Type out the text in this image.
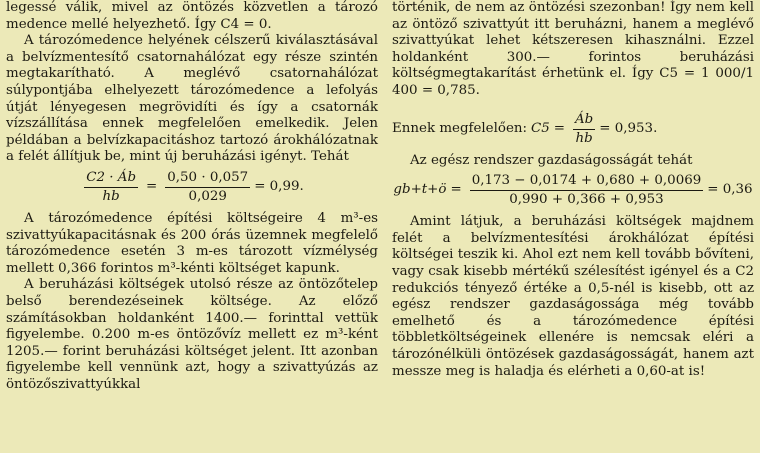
legessé válik, mivel az öntözés közvetlen a tározó medence mellé helyezhető. Így C4 = 0.

A tározómedence helyének célszerű kiválasztásával a belvízmentesítő csatornahálózat egy része szintén megtakarítható. A meglévő csatornahálózat súlypontjába elhelyezett tározómedence a lefolyás útját lényegesen megrövidíti és így a csatornák vízszállítása ennek megfelelően emelkedik. Jelen példában a belvízkapacitáshoz tartozó árokhálózatnak a felét állítjuk be, mint új beruházási igényt. Tehát

$\frac{C2 \cdot Áb}{hb} = \frac{0,50 \cdot 0,057}{0,029} = 0,99$.

A tározómedence építési költségeire 4 m³-es szivattyúkapacitásnak és 200 órás üzemnek megfelelő tározómedence esetén 3 m-es tározott vízmélység mellett 0,366 forintos m³-kénti költséget kapunk.

A beruházási költségek utolsó része az öntözőtelep belső berendezéseinek költsége. Az előző számításokban holdanként 1400.— forinttal vettük figyelembe. 0.200 m-es öntözővíz mellett ez m³-ként 1205.— forint beruházási költséget jelent. Itt azonban figyelembe kell vennünk azt, hogy a szivattyúzás az öntözőszivattyúkkal

történik, de nem az öntözési szezonban! Így nem kell az öntöző szivattyút itt beruházni, hanem a meglévő szivattyúkat lehet kétszeresen kihasználni. Ezzel holdanként 300.— forintos beruházási költségmegtakarítást érhetünk el. Így C5 = 1 000/1 400 = 0,785.

Ennek megfelelően: $C5 = \frac{Áb}{hb} = 0,953$.

Az egész rendszer gazdaságosságát tehát

gb+t+ö = $\frac{0,173 - 0,0174 + 0,680 + 0,0069}{0,990 + 0,366 + 0,953} = 0,36$

Amint látjuk, a beruházási költségek majdnem felét a belvízmentesítési árokhálózat építési költségei teszik ki. Ahol ezt nem kell tovább bővíteni, vagy csak kisebb mértékű szélesítést igényel és a C2 redukciós tényező értéke a 0,5-nél is kisebb, ott az egész rendszer gazdaságossága még tovább emelhető és a tározómedence építési többletköltségeinek ellenére is nemcsak eléri a tározónélküli öntözések gazdaságosságát, hanem azt messze meg is haladja és elérheti a 0,60-at is!
